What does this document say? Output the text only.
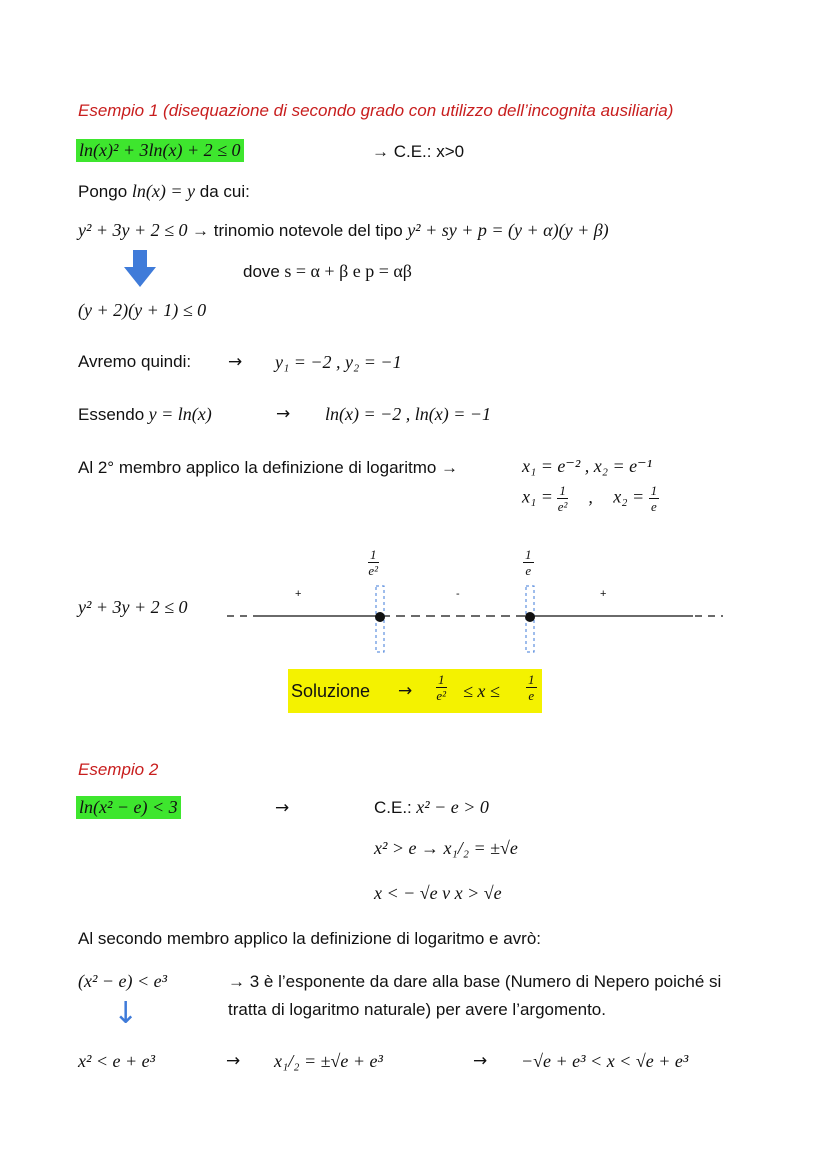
Esempio 1 (disequazione di secondo grado con utilizzo dell’incognita ausiliaria)
ln(x)² + 3ln(x) + 2 ≤ 0	→ C.E.: x>0
Pongo ln(x) = y da cui:
y² + 3y + 2 ≤ 0 → trinomio notevole del tipo y² + sy + p = (y + α)(y + β)
dove s = α + β e p = αβ
(y + 2)(y + 1) ≤ 0
Avremo quindi: → y₁ = −2 , y₂ = −1
Essendo y = ln(x)	→ ln(x) = −2 , ln(x) = −1
Al 2° membro applico la definizione di logaritmo →	x₁ = e⁻² , x₂ = e⁻¹
$x_1 = \frac{1}{\text{e²}}$ , $x_2 = \frac{1}{e}$
$\frac{1}{\text{e²}}$	$\frac{1}{e}$
y² + 3y + 2 ≤ 0
+	-	+
Soluzione → $\frac{1}{\text{e²}} \le x \le \frac{1}{e}$
Esempio 2
ln(x² − e) < 3	→	C.E.: x² − e > 0
x² > e → x₁/₂ = ±√e
x < − √e v x > √e
Al secondo membro applico la definizione di logaritmo e avrò:
(x² − e) < e³	→ 3 è l’esponente da dare alla base (Numero di Nepero poiché si
tratta di logaritmo naturale) per avere l’argomento.
↓
x² < e + e³	→ x₁/₂ = ±√e + e³	→ −√e + e³ < x < √e + e³
